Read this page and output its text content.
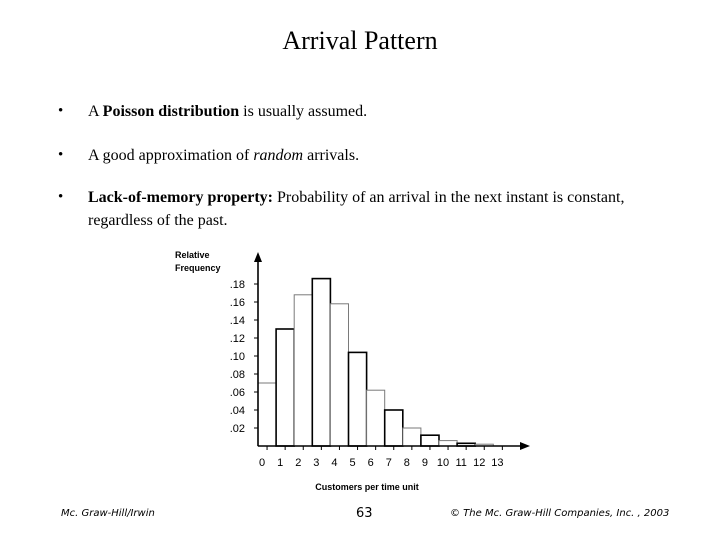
Arrival Pattern
• A Poisson distribution is usually assumed.
• A good approximation of random arrivals.
• Lack-of-memory property: Probability of an arrival in the next instant is constant, regardless of the past.
.02
.04
.06
.08
.10
.12
.14
.16
.18
0 1 2 3 4 5 6 7 8 9 10 11 12 13
Relative
Frequency
Customers per time unit
Mc. Graw-Hill/Irwin	63	© The Mc. Graw-Hill Companies, Inc. , 2003
